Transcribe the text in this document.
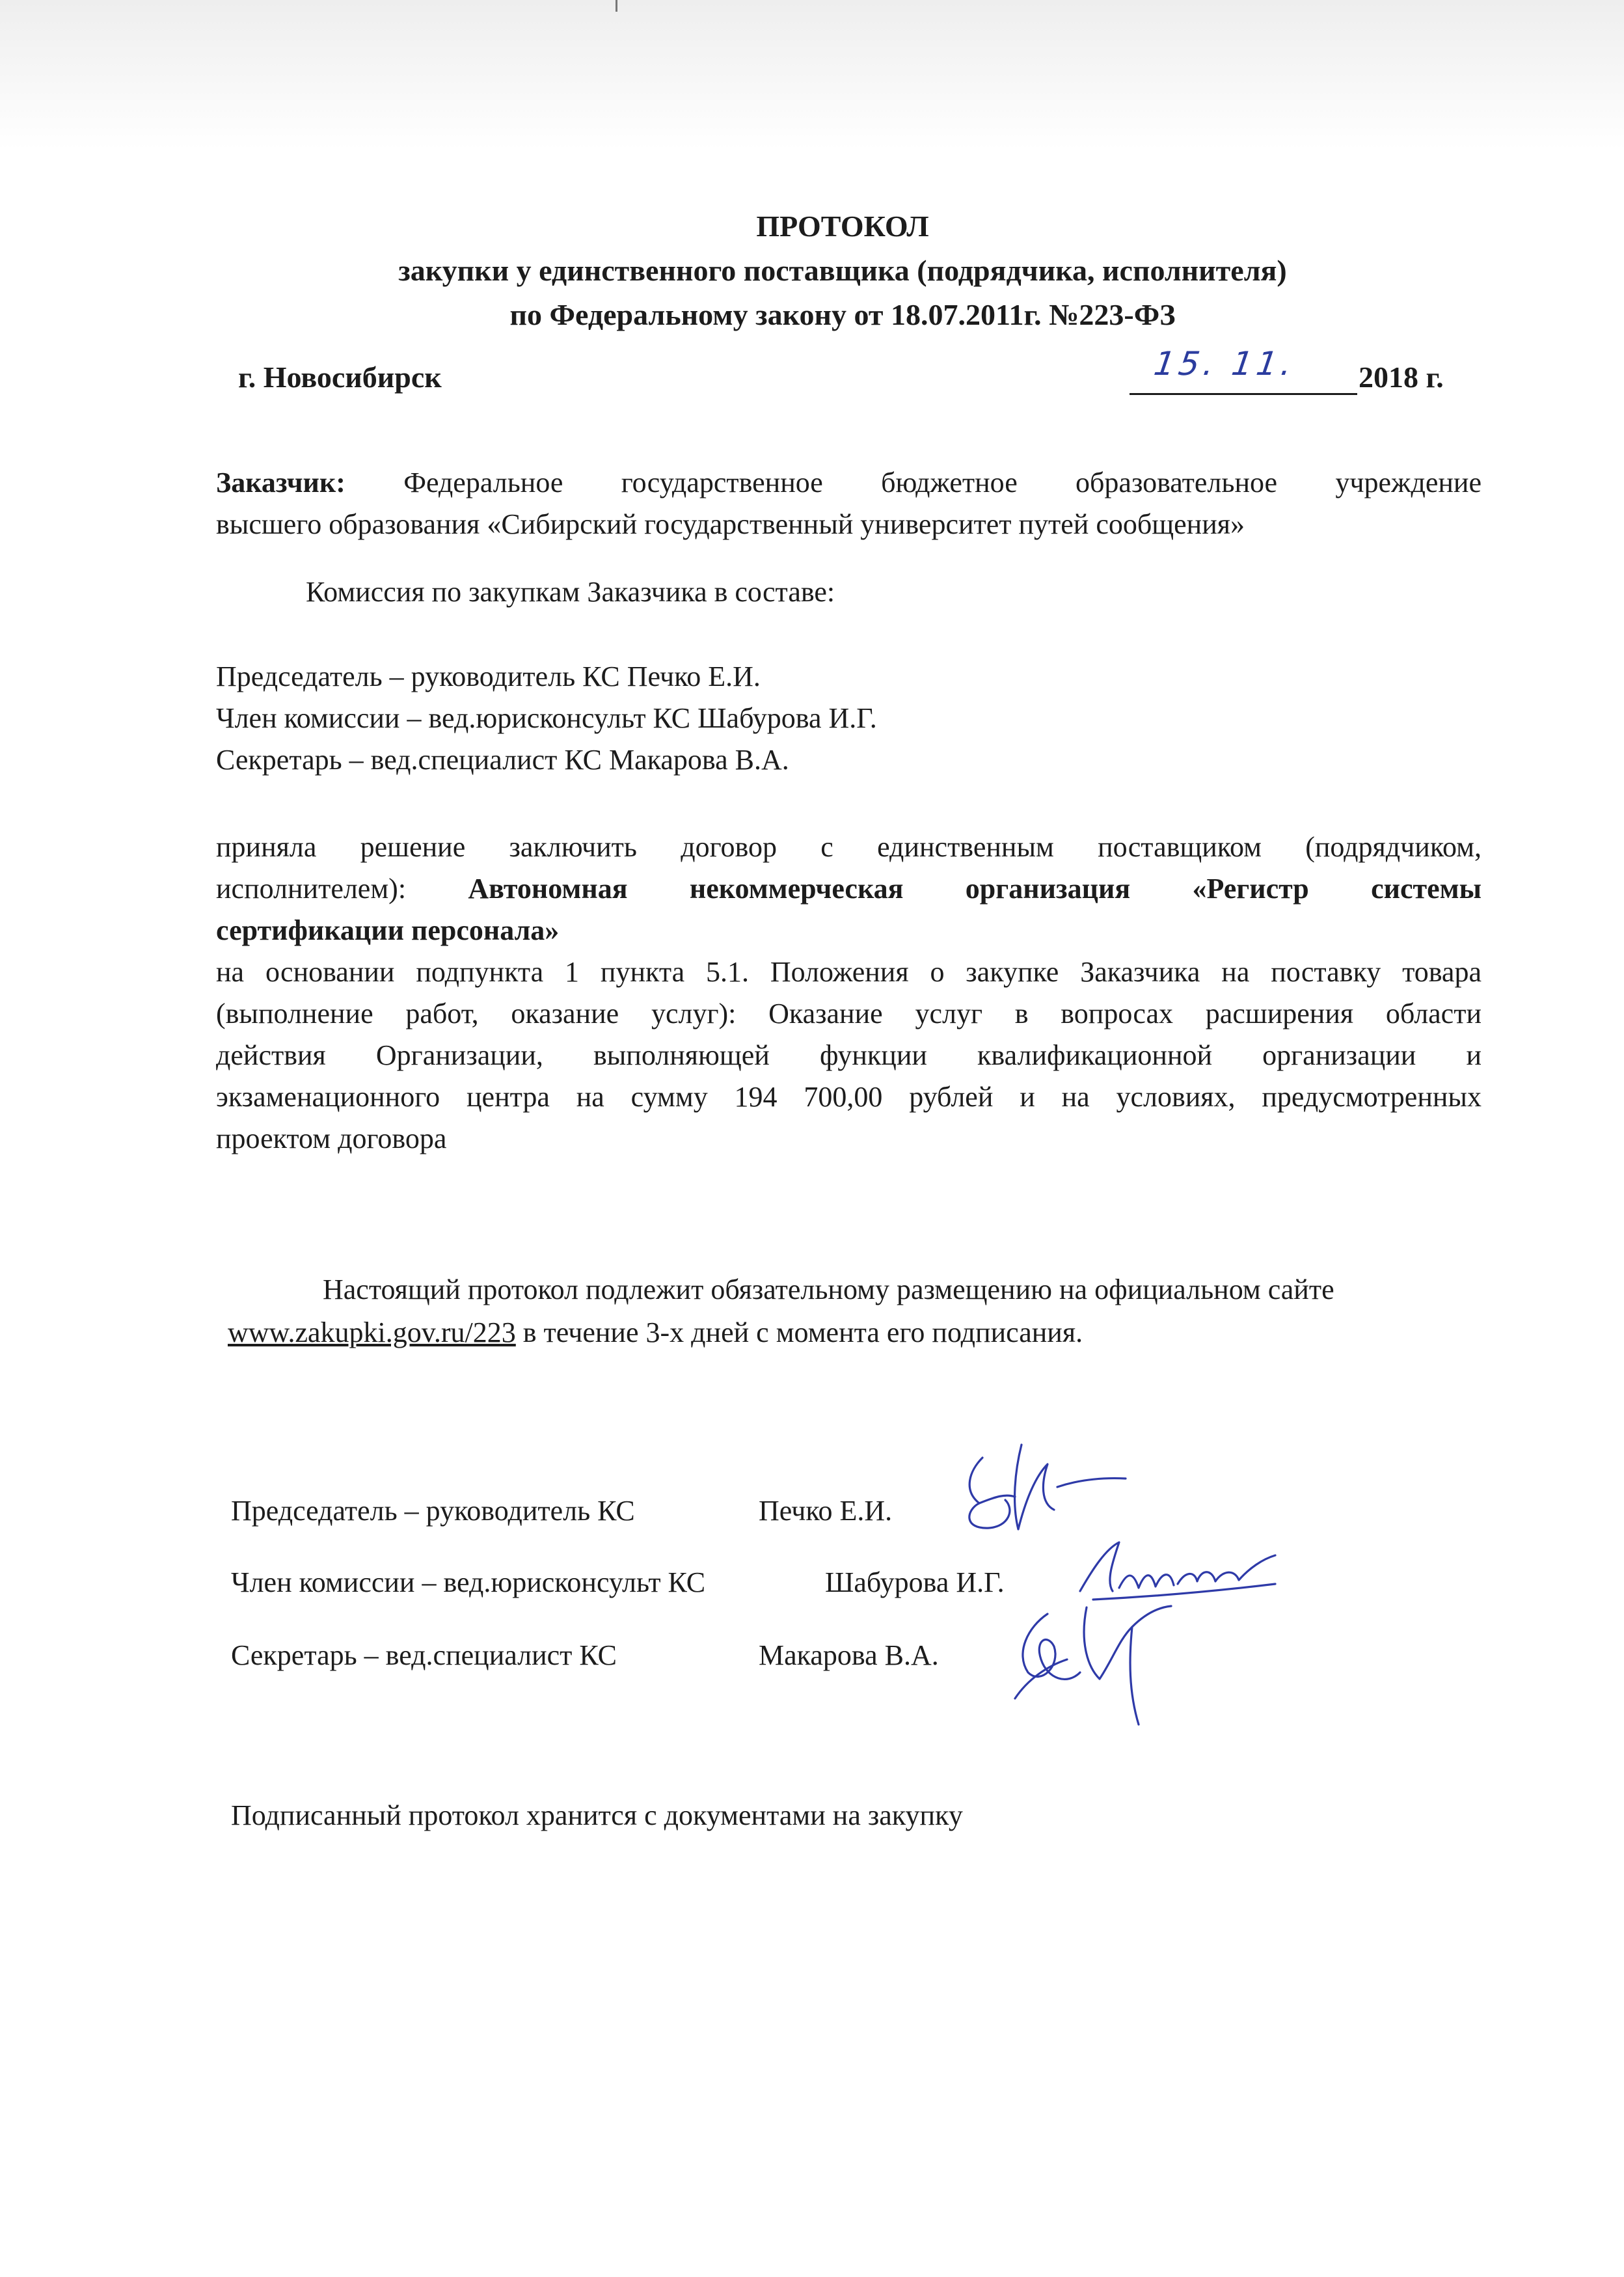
ПРОТОКОЛ
закупки у единственного поставщика (подрядчика, исполнителя)
по Федеральному закону от 18.07.2011г. №223-ФЗ
г. Новосибирск	15. 11. 2018 г.
Заказчик: Федеральное государственное бюджетное образовательное учреждение
высшего образования «Сибирский государственный университет путей сообщения»
Комиссия по закупкам Заказчика в составе:
Председатель – руководитель КС Печко Е.И.
Член комиссии – вед.юрисконсульт КС Шабурова И.Г.
Секретарь – вед.специалист КС Макарова В.А.
приняла решение заключить договор с единственным поставщиком (подрядчиком,
исполнителем): Автономная некоммерческая организация «Регистр системы
сертификации персонала»
на основании подпункта 1 пункта 5.1. Положения о закупке Заказчика на поставку товара
(выполнение работ, оказание услуг): Оказание услуг в вопросах расширения области
действия Организации, выполняющей функции квалификационной организации и
экзаменационного центра на сумму 194 700,00 рублей и на условиях, предусмотренных
проектом договора
Настоящий протокол подлежит обязательному размещению на официальном сайте
www.zakupki.gov.ru/223 в течение 3-х дней с момента его подписания.
Председатель – руководитель КС	Печко Е.И.
Член комиссии – вед.юрисконсульт КС	Шабурова И.Г.
Секретарь – вед.специалист КС	Макарова В.А.
Подписанный протокол хранится с документами на закупку
